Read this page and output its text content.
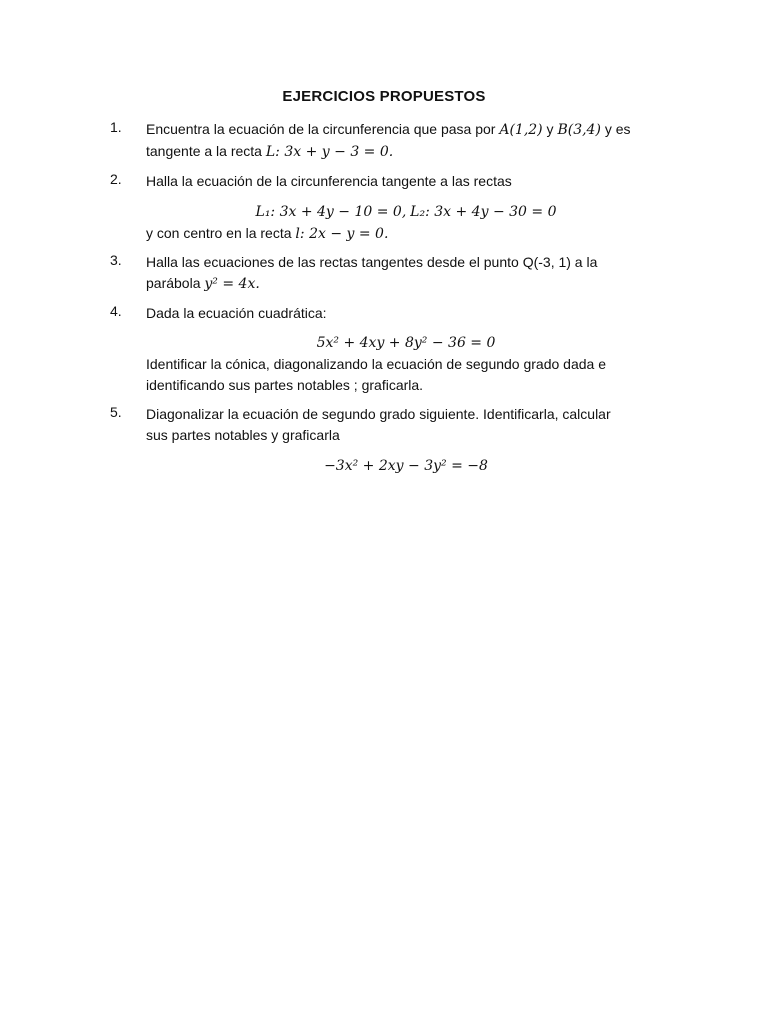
EJERCICIOS PROPUESTOS
1. Encuentra la ecuación de la circunferencia que pasa por A(1,2) y B(3,4) y es
tangente a la recta L: 3x + y − 3 = 0.
2. Halla la ecuación de la circunferencia tangente a las rectas
L₁: 3x + 4y − 10 = 0, L₂: 3x + 4y − 30 = 0
y con centro en la recta l: 2x − y = 0.
3. Halla las ecuaciones de las rectas tangentes desde el punto Q(-3, 1) a la
parábola y² = 4x.
4. Dada la ecuación cuadrática:
5x² + 4xy + 8y² − 36 = 0
Identificar la cónica, diagonalizando la ecuación de segundo grado dada e
identificando sus partes notables ; graficarla.
5. Diagonalizar la ecuación de segundo grado siguiente. Identificarla, calcular
sus partes notables y graficarla
−3x² + 2xy − 3y² = −8
